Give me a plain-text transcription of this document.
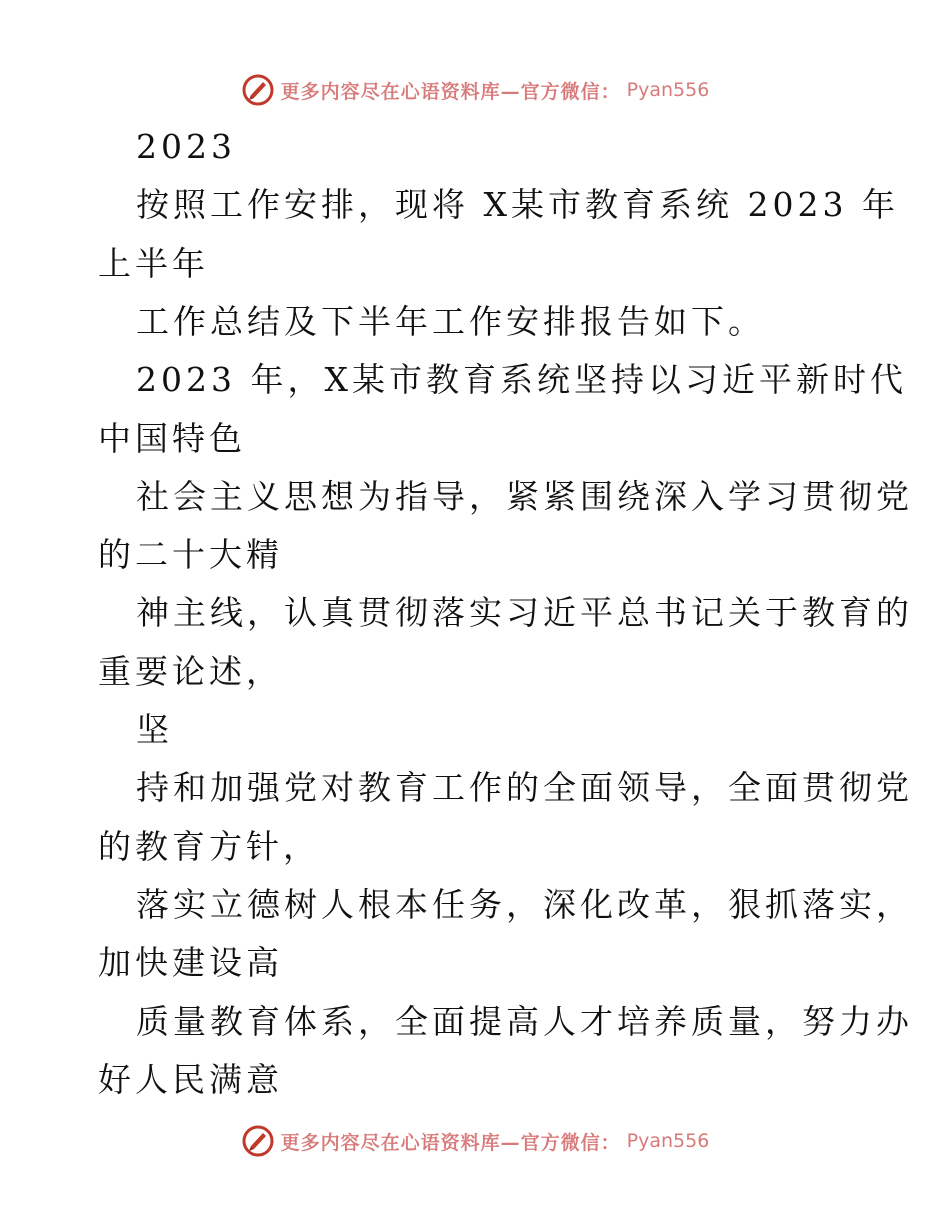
更多内容尽在心语资料库—官方微信： Pyan556
2023
按照工作安排，现将 X某市教育系统 2023 年
上半年
工作总结及下半年工作安排报告如下。
2023 年，X某市教育系统坚持以习近平新时代
中国特色
社会主义思想为指导，紧紧围绕深入学习贯彻党
的二十大精
神主线，认真贯彻落实习近平总书记关于教育的
重要论述，
坚
持和加强党对教育工作的全面领导，全面贯彻党
的教育方针，
落实立德树人根本任务，深化改革，狠抓落实，
加快建设高
质量教育体系，全面提高人才培养质量，努力办
好人民满意
更多内容尽在心语资料库—官方微信： Pyan556
